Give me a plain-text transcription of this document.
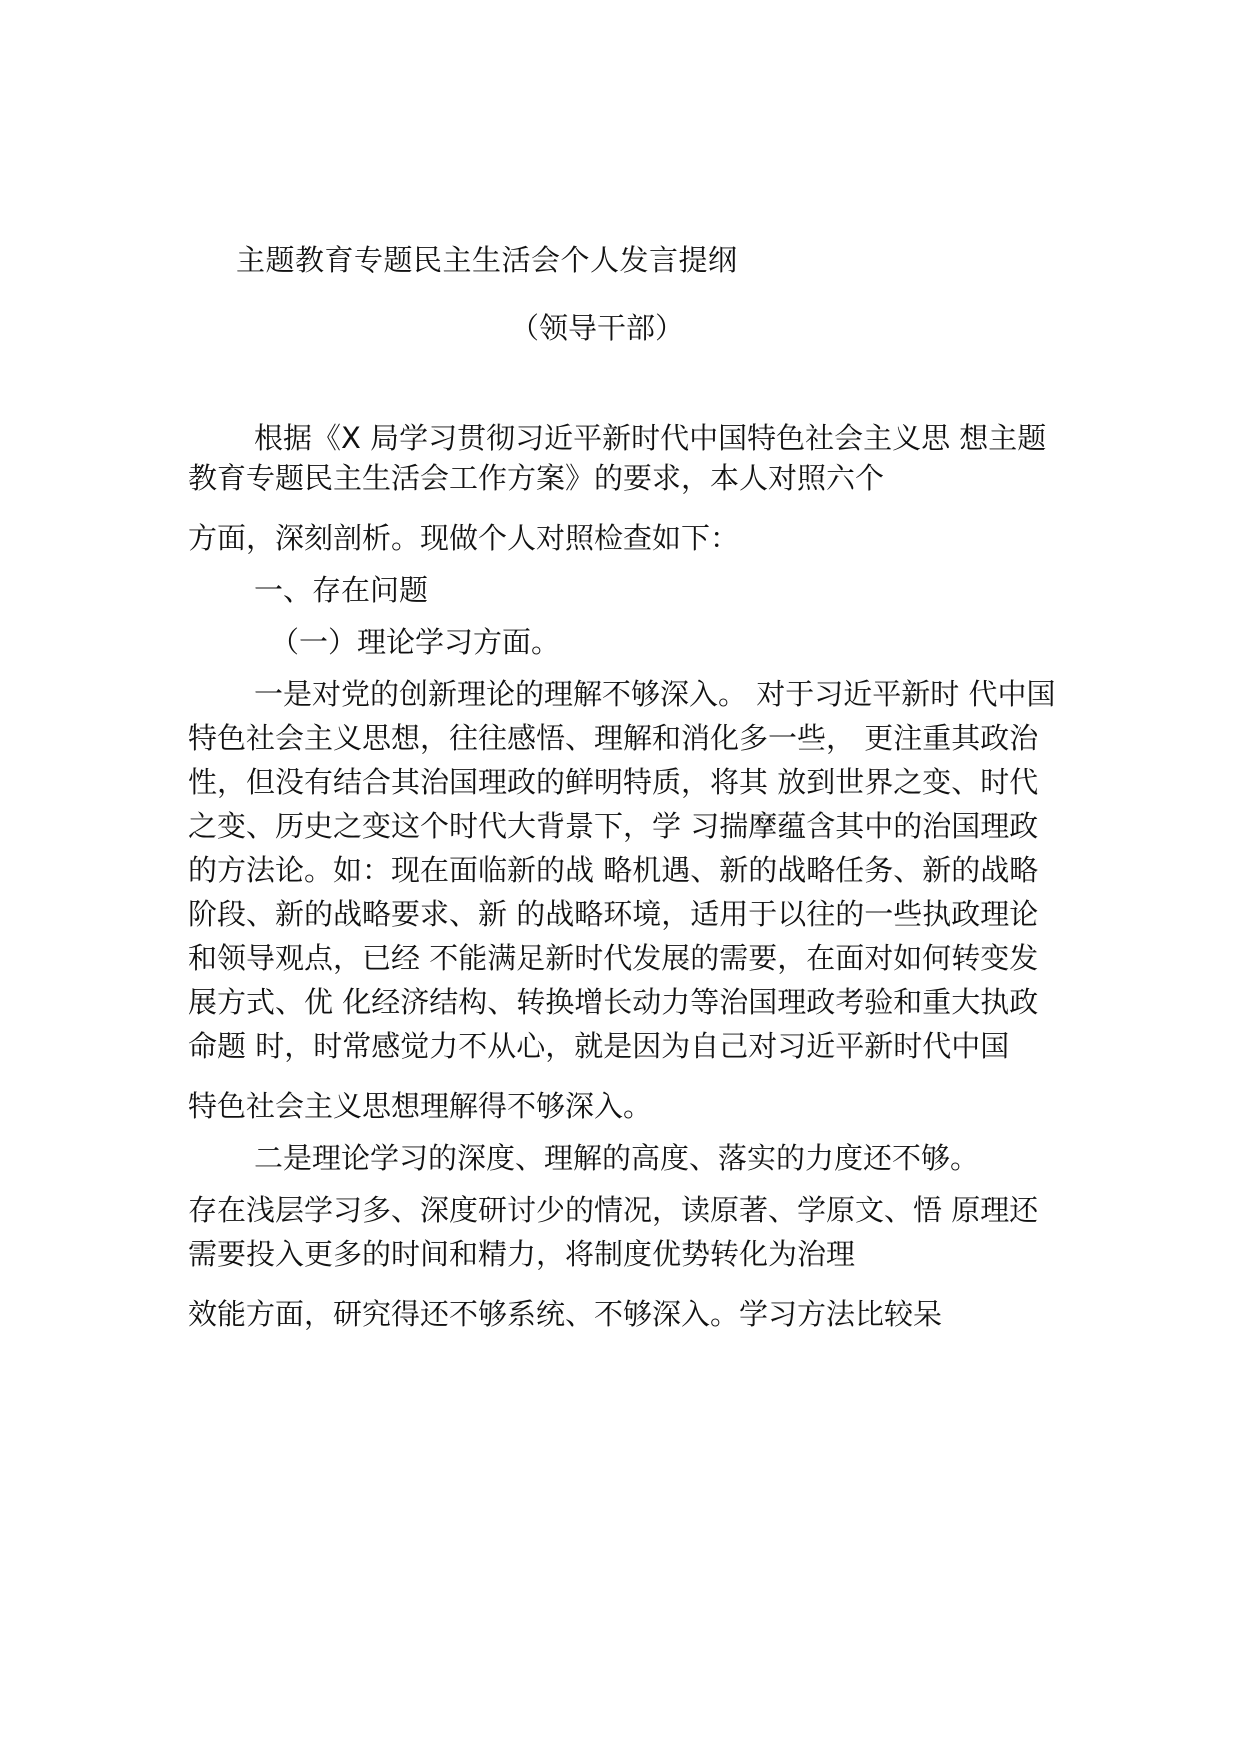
主题教育专题民主生活会个人发言提纲
（领导干部）
根据《X 局学习贯彻习近平新时代中国特色社会主义思 想主题
教育专题民主生活会工作方案》的要求，本人对照六个
方面，深刻剖析。现做个人对照检查如下：
一、存在问题
（一）理论学习方面。
一是对党的创新理论的理解不够深入。 对于习近平新时 代中国
特色社会主义思想，往往感悟、理解和消化多一些， 更注重其政治
性，但没有结合其治国理政的鲜明特质，将其 放到世界之变、时代
之变、历史之变这个时代大背景下，学 习揣摩蕴含其中的治国理政
的方法论。如：现在面临新的战 略机遇、新的战略任务、新的战略
阶段、新的战略要求、新 的战略环境，适用于以往的一些执政理论
和领导观点，已经 不能满足新时代发展的需要，在面对如何转变发
展方式、优 化经济结构、转换增长动力等治国理政考验和重大执政
命题 时，时常感觉力不从心，就是因为自己对习近平新时代中国
特色社会主义思想理解得不够深入。
二是理论学习的深度、理解的高度、落实的力度还不够。
存在浅层学习多、深度研讨少的情况，读原著、学原文、悟 原理还
需要投入更多的时间和精力，将制度优势转化为治理
效能方面，研究得还不够系统、不够深入。学习方法比较呆
